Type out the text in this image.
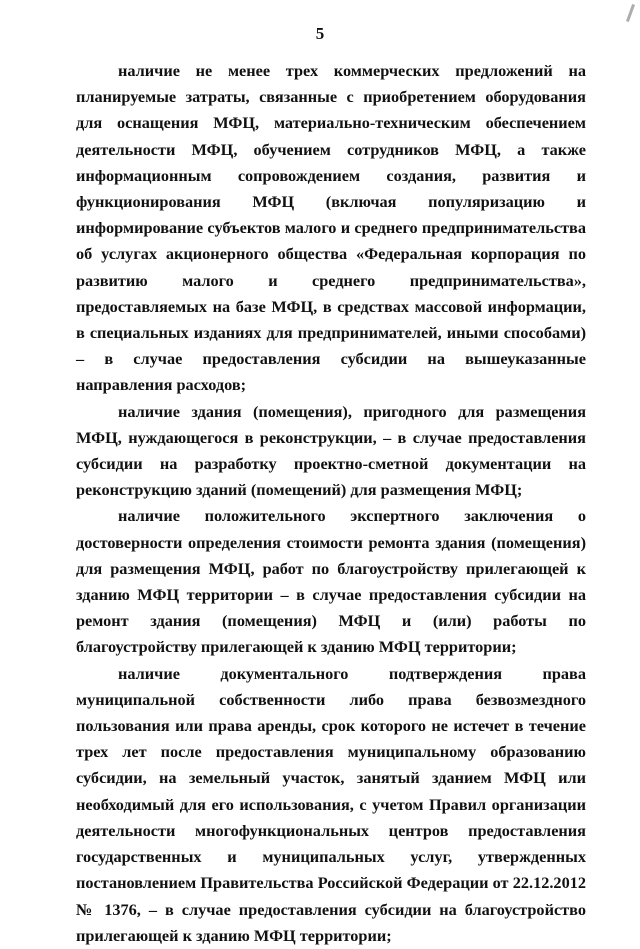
5

наличие не менее трех коммерческих предложений на планируемые затраты, связанные с приобретением оборудования для оснащения МФЦ, материально-техническим обеспечением деятельности МФЦ, обучением сотрудников МФЦ, а также информационным сопровождением создания, развития и функционирования МФЦ (включая популяризацию и информирование субъектов малого и среднего предпринимательства об услугах акционерного общества «Федеральная корпорация по развитию малого и среднего предпринимательства», предоставляемых на базе МФЦ, в средствах массовой информации, в специальных изданиях для предпринимателей, иными способами) – в случае предоставления субсидии на вышеуказанные направления расходов;

наличие здания (помещения), пригодного для размещения МФЦ, нуждающегося в реконструкции, – в случае предоставления субсидии на разработку проектно-сметной документации на реконструкцию зданий (помещений) для размещения МФЦ;

наличие положительного экспертного заключения о достоверности определения стоимости ремонта здания (помещения) для размещения МФЦ, работ по благоустройству прилегающей к зданию МФЦ территории – в случае предоставления субсидии на ремонт здания (помещения) МФЦ и (или) работы по благоустройству прилегающей к зданию МФЦ территории;

наличие документального подтверждения права муниципальной собственности либо права безвозмездного пользования или права аренды, срок которого не истечет в течение трех лет после предоставления муниципальному образованию субсидии, на земельный участок, занятый зданием МФЦ или необходимый для его использования, с учетом Правил организации деятельности многофункциональных центров предоставления государственных и муниципальных услуг, утвержденных постановлением Правительства Российской Федерации от 22.12.2012 № 1376, – в случае предоставления субсидии на благоустройство прилегающей к зданию МФЦ территории;
